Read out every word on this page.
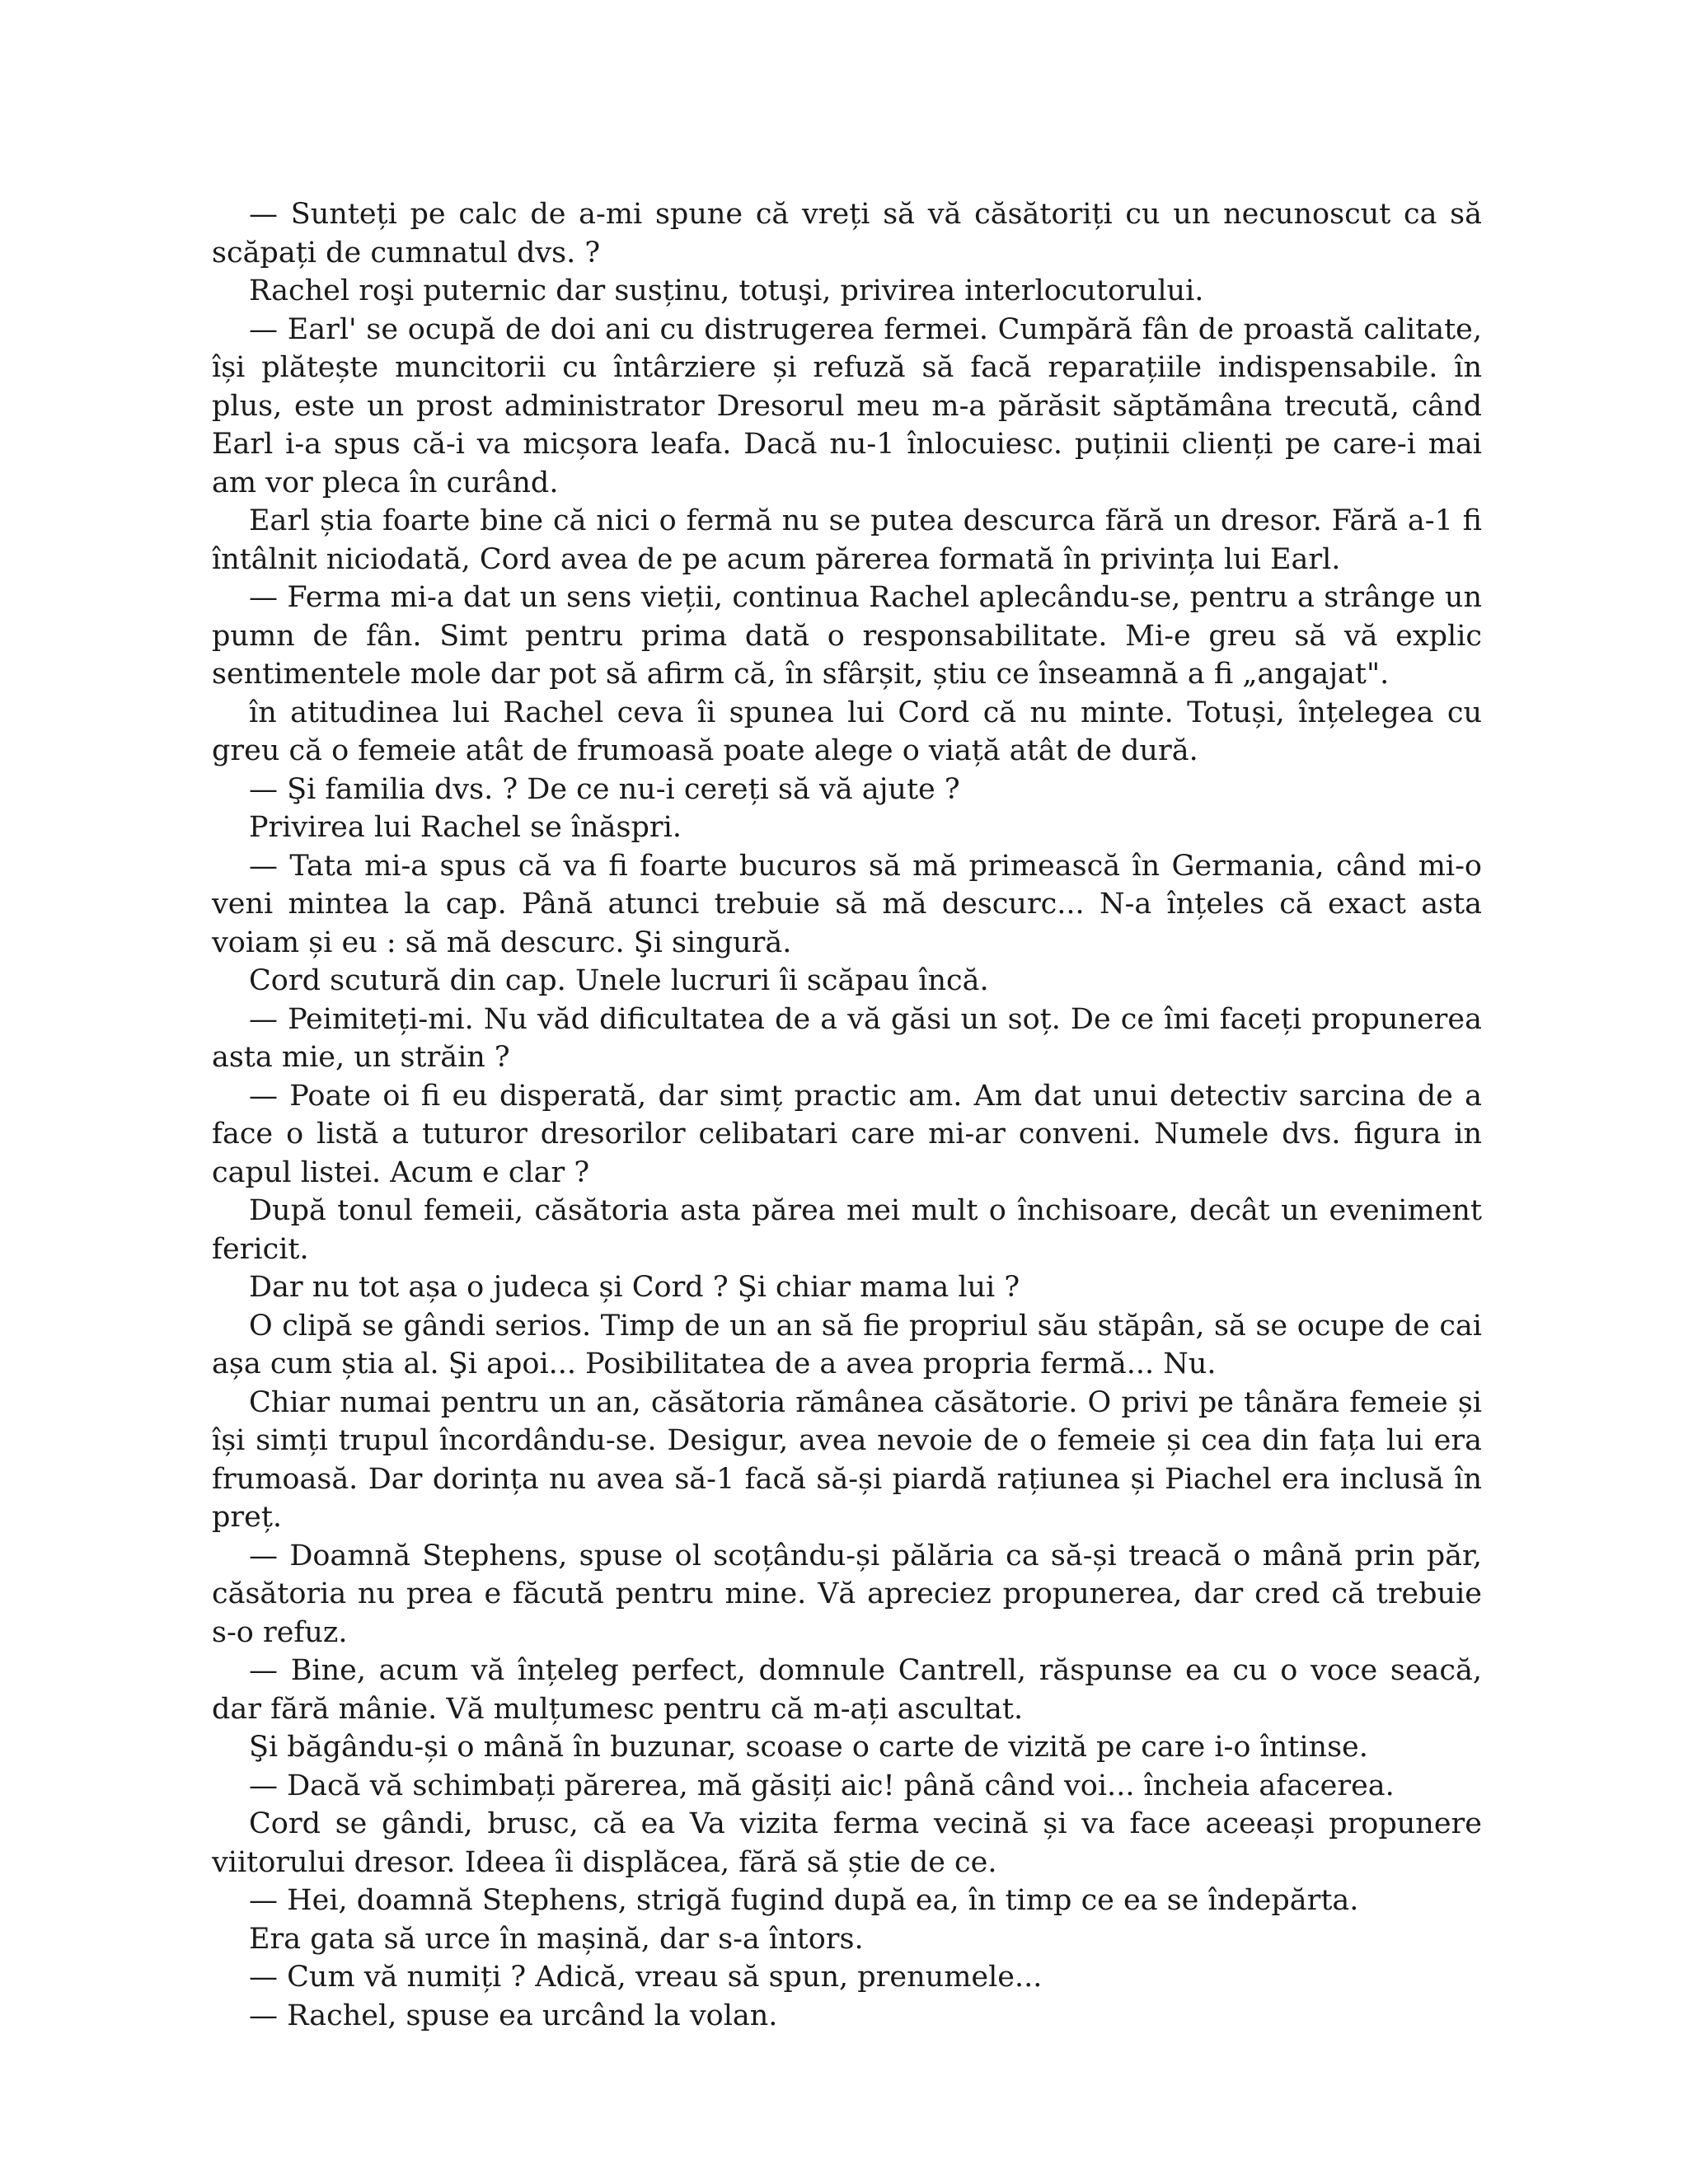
— Sunteți pe calc de a-mi spune că vreți să vă căsătoriți cu un necunoscut ca să scăpați de cumnatul dvs. ?

Rachel roşi puternic dar susținu, totuşi, privirea interlocutorului.

— Earl' se ocupă de doi ani cu distrugerea fermei. Cumpără fân de proastă calitate, își plătește muncitorii cu întârziere și refuză să facă reparațiile indispensabile. în plus, este un prost administrator Dresorul meu m-a părăsit săptămâna trecută, când Earl i-a spus că-i va micșora leafa. Dacă nu-1 înlocuiesc. puținii clienți pe care-i mai am vor pleca în curând.

Earl știa foarte bine că nici o fermă nu se putea descurca fără un dresor. Fără a-1 fi întâlnit niciodată, Cord avea de pe acum părerea formată în privința lui Earl.

— Ferma mi-a dat un sens vieții, continua Rachel aplecându-se, pentru a strânge un pumn de fân. Simt pentru prima dată o responsabilitate. Mi-e greu să vă explic sentimentele mole dar pot să afirm că, în sfârșit, știu ce înseamnă a fi „angajat".

în atitudinea lui Rachel ceva îi spunea lui Cord că nu minte. Totuși, înțelegea cu greu că o femeie atât de frumoasă poate alege o viață atât de dură.

— Şi familia dvs. ? De ce nu-i cereți să vă ajute ?

Privirea lui Rachel se înăspri.

— Tata mi-a spus că va fi foarte bucuros să mă primească în Germania, când mi-o veni mintea la cap. Până atunci trebuie să mă descurc... N-a înțeles că exact asta voiam și eu : să mă descurc. Şi singură.

Cord scutură din cap. Unele lucruri îi scăpau încă.

— Peimiteți-mi. Nu văd dificultatea de a vă găsi un soț. De ce îmi faceți propunerea asta mie, un străin ?

— Poate oi fi eu disperată, dar simț practic am. Am dat unui detectiv sarcina de a face o listă a tuturor dresorilor celibatari care mi-ar conveni. Numele dvs. figura in capul listei. Acum e clar ?

După tonul femeii, căsătoria asta părea mei mult o închisoare, decât un eveniment fericit.

Dar nu tot așa o judeca și Cord ? Şi chiar mama lui ?

O clipă se gândi serios. Timp de un an să fie propriul său stăpân, să se ocupe de cai așa cum știa al. Şi apoi... Posibilitatea de a avea propria fermă... Nu.

Chiar numai pentru un an, căsătoria rămânea căsătorie. O privi pe tânăra femeie și își simți trupul încordându-se. Desigur, avea nevoie de o femeie și cea din fața lui era frumoasă. Dar dorința nu avea să-1 facă să-și piardă rațiunea și Piachel era inclusă în preț.

— Doamnă Stephens, spuse ol scoțându-și pălăria ca să-și treacă o mână prin păr, căsătoria nu prea e făcută pentru mine. Vă apreciez propunerea, dar cred că trebuie s-o refuz.

— Bine, acum vă înțeleg perfect, domnule Cantrell, răspunse ea cu o voce seacă, dar fără mânie. Vă mulțumesc pentru că m-ați ascultat.

Şi băgându-și o mână în buzunar, scoase o carte de vizită pe care i-o întinse.

— Dacă vă schimbați părerea, mă găsiți aic! până când voi... încheia afacerea.

Cord se gândi, brusc, că ea Va vizita ferma vecină și va face aceeași propunere viitorului dresor. Ideea îi displăcea, fără să știe de ce.

— Hei, doamnă Stephens, strigă fugind după ea, în timp ce ea se îndepărta.

Era gata să urce în mașină, dar s-a întors.

— Cum vă numiți ? Adică, vreau să spun, prenumele...

— Rachel, spuse ea urcând la volan.
